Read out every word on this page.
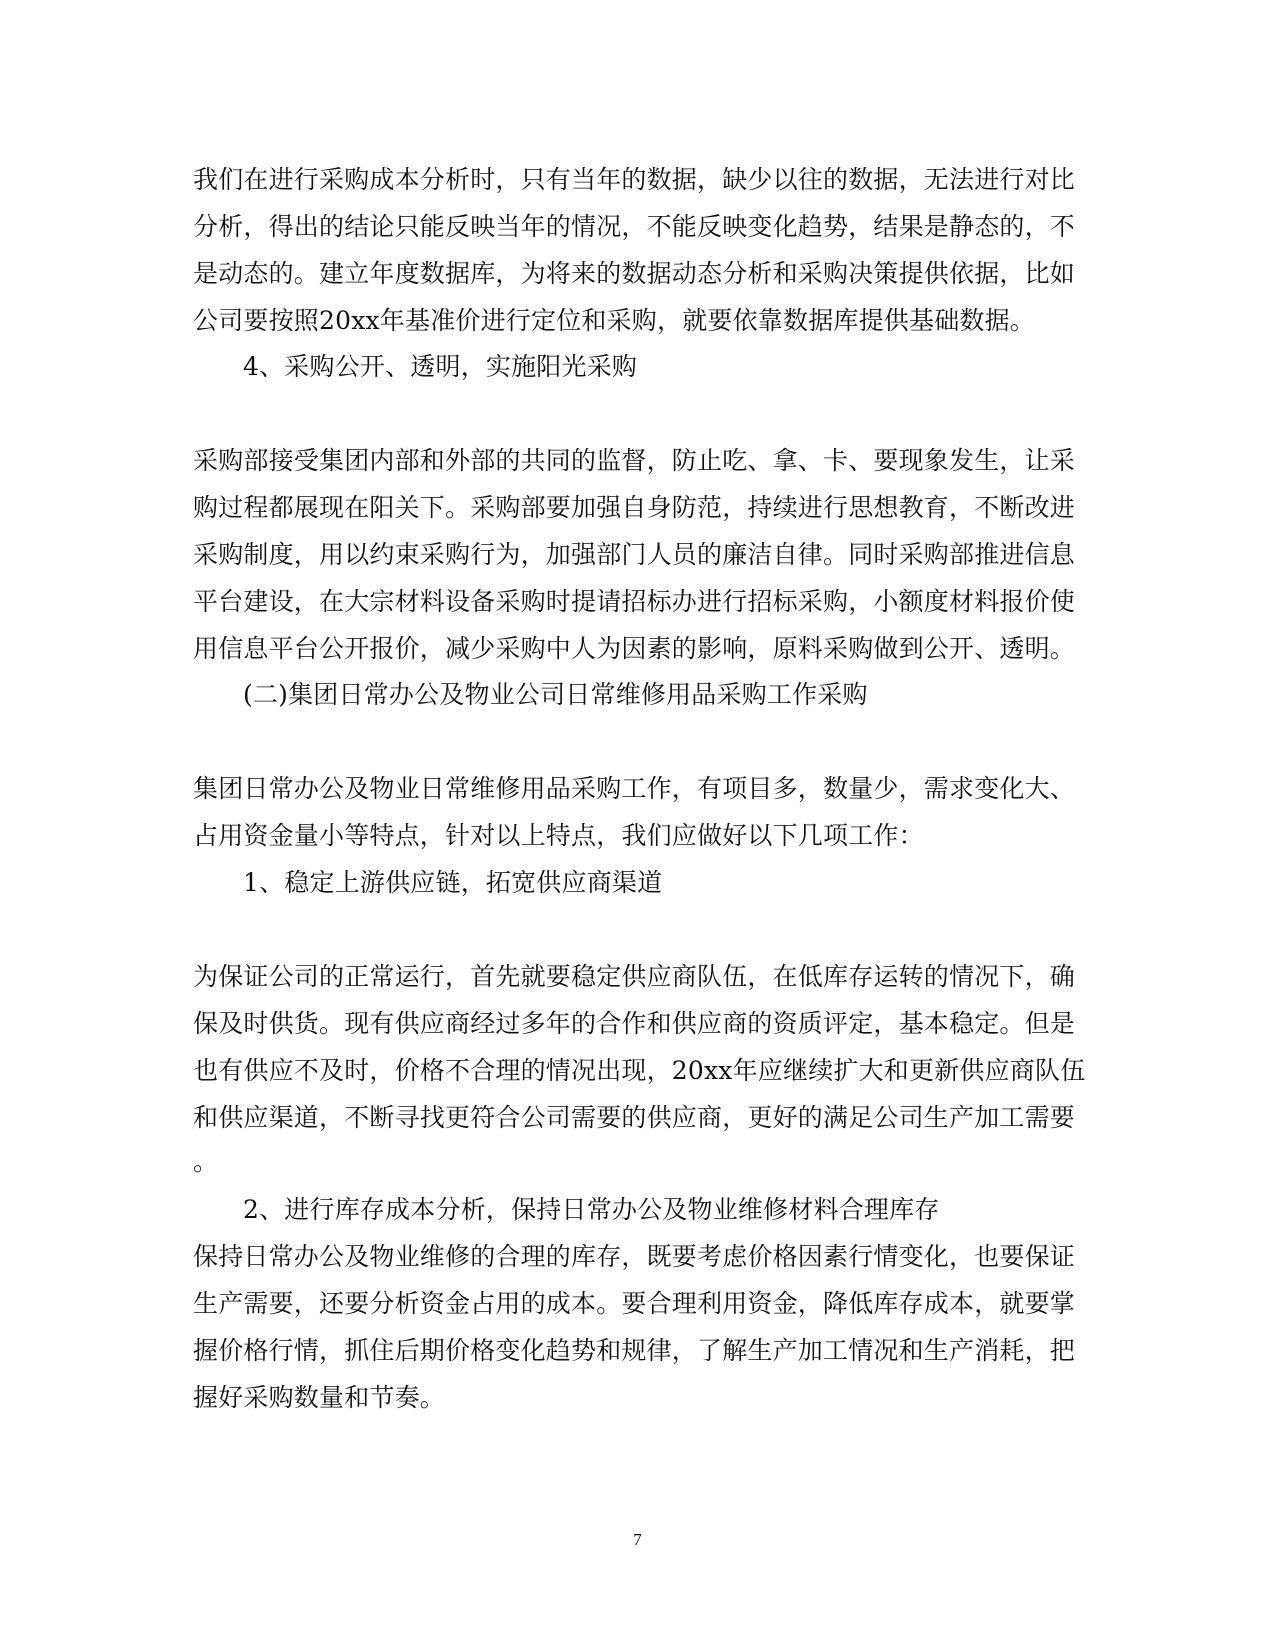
我们在进行采购成本分析时，只有当年的数据，缺少以往的数据，无法进行对比
分析，得出的结论只能反映当年的情况，不能反映变化趋势，结果是静态的，不
是动态的。建立年度数据库，为将来的数据动态分析和采购决策提供依据，比如
公司要按照20xx年基准价进行定位和采购，就要依靠数据库提供基础数据。
4、采购公开、透明，实施阳光采购
采购部接受集团内部和外部的共同的监督，防止吃、拿、卡、要现象发生，让采
购过程都展现在阳关下。采购部要加强自身防范，持续进行思想教育，不断改进
采购制度，用以约束采购行为，加强部门人员的廉洁自律。同时采购部推进信息
平台建设，在大宗材料设备采购时提请招标办进行招标采购，小额度材料报价使
用信息平台公开报价，减少采购中人为因素的影响，原料采购做到公开、透明。
(二)集团日常办公及物业公司日常维修用品采购工作采购
集团日常办公及物业日常维修用品采购工作，有项目多，数量少，需求变化大、
占用资金量小等特点，针对以上特点，我们应做好以下几项工作：
1、稳定上游供应链，拓宽供应商渠道
为保证公司的正常运行，首先就要稳定供应商队伍，在低库存运转的情况下，确
保及时供货。现有供应商经过多年的合作和供应商的资质评定，基本稳定。但是
也有供应不及时，价格不合理的情况出现，20xx年应继续扩大和更新供应商队伍
和供应渠道，不断寻找更符合公司需要的供应商，更好的满足公司生产加工需要
。
2、进行库存成本分析，保持日常办公及物业维修材料合理库存
保持日常办公及物业维修的合理的库存，既要考虑价格因素行情变化，也要保证
生产需要，还要分析资金占用的成本。要合理利用资金，降低库存成本，就要掌
握价格行情，抓住后期价格变化趋势和规律，了解生产加工情况和生产消耗，把
握好采购数量和节奏。
7
